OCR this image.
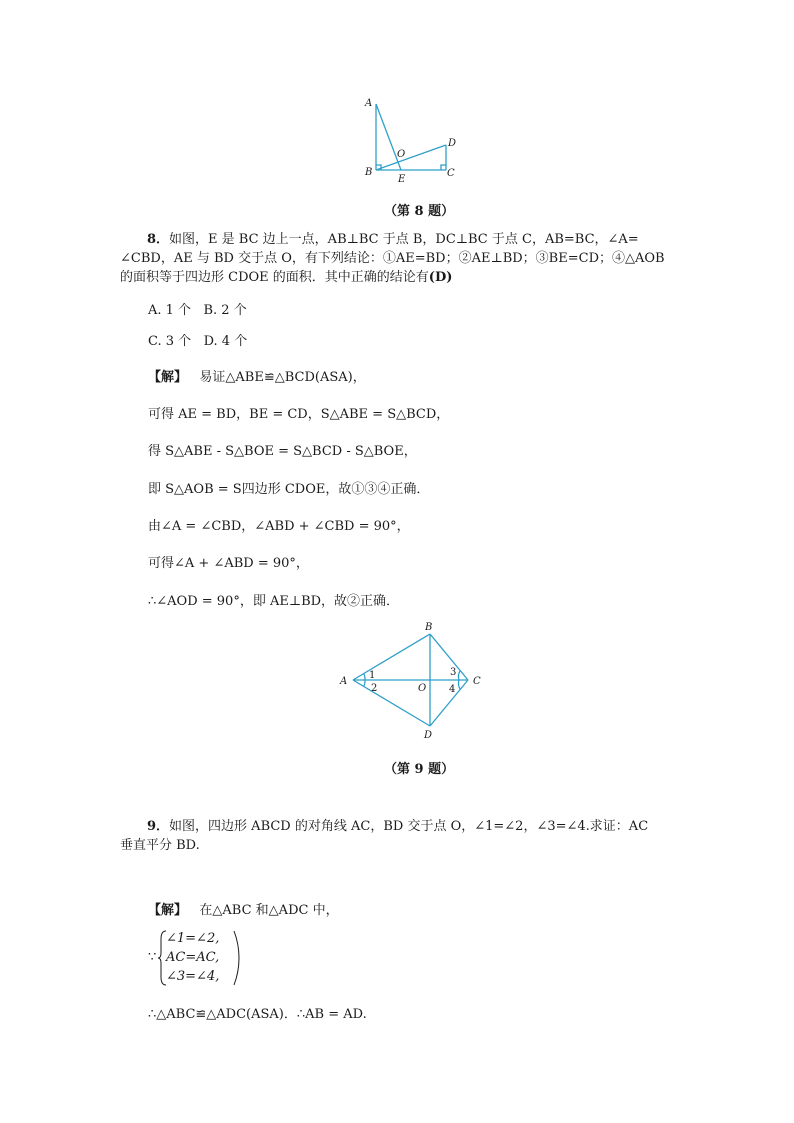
A
B	C
D
E
O
（第 8 题）
8．如图，E 是 BC 边上一点，AB⊥BC 于点 B，DC⊥BC 于点 C，AB=BC，∠A=
∠CBD，AE 与 BD 交于点 O，有下列结论：①AE=BD；②AE⊥BD；③BE=CD；④△AOB
的面积等于四边形 CDOE 的面积．其中正确的结论有(D)
A. 1 个 B. 2 个
C. 3 个 D. 4 个
【解】 易证△ABE≌△BCD(ASA)，
可得 AE = BD，BE = CD，S△ABE = S△BCD，
得 S△ABE - S△BOE = S△BCD - S△BOE，
即 S△AOB = S四边形 CDOE，故①③④正确．
由∠A = ∠CBD，∠ABD + ∠CBD = 90°，
可得∠A + ∠ABD = 90°，
∴∠AOD = 90°，即 AE⊥BD，故②正确．
A
B
C
D
O
1
2
3
4
（第 9 题）
9．如图，四边形 ABCD 的对角线 AC，BD 交于点 O，∠1=∠2，∠3=∠4.求证：AC
垂直平分 BD.
【解】 在△ABC 和△ADC 中，
∵
∠1=∠2,
AC=AC,
∠3=∠4,
∴△ABC≌△ADC(ASA)．∴AB = AD.
